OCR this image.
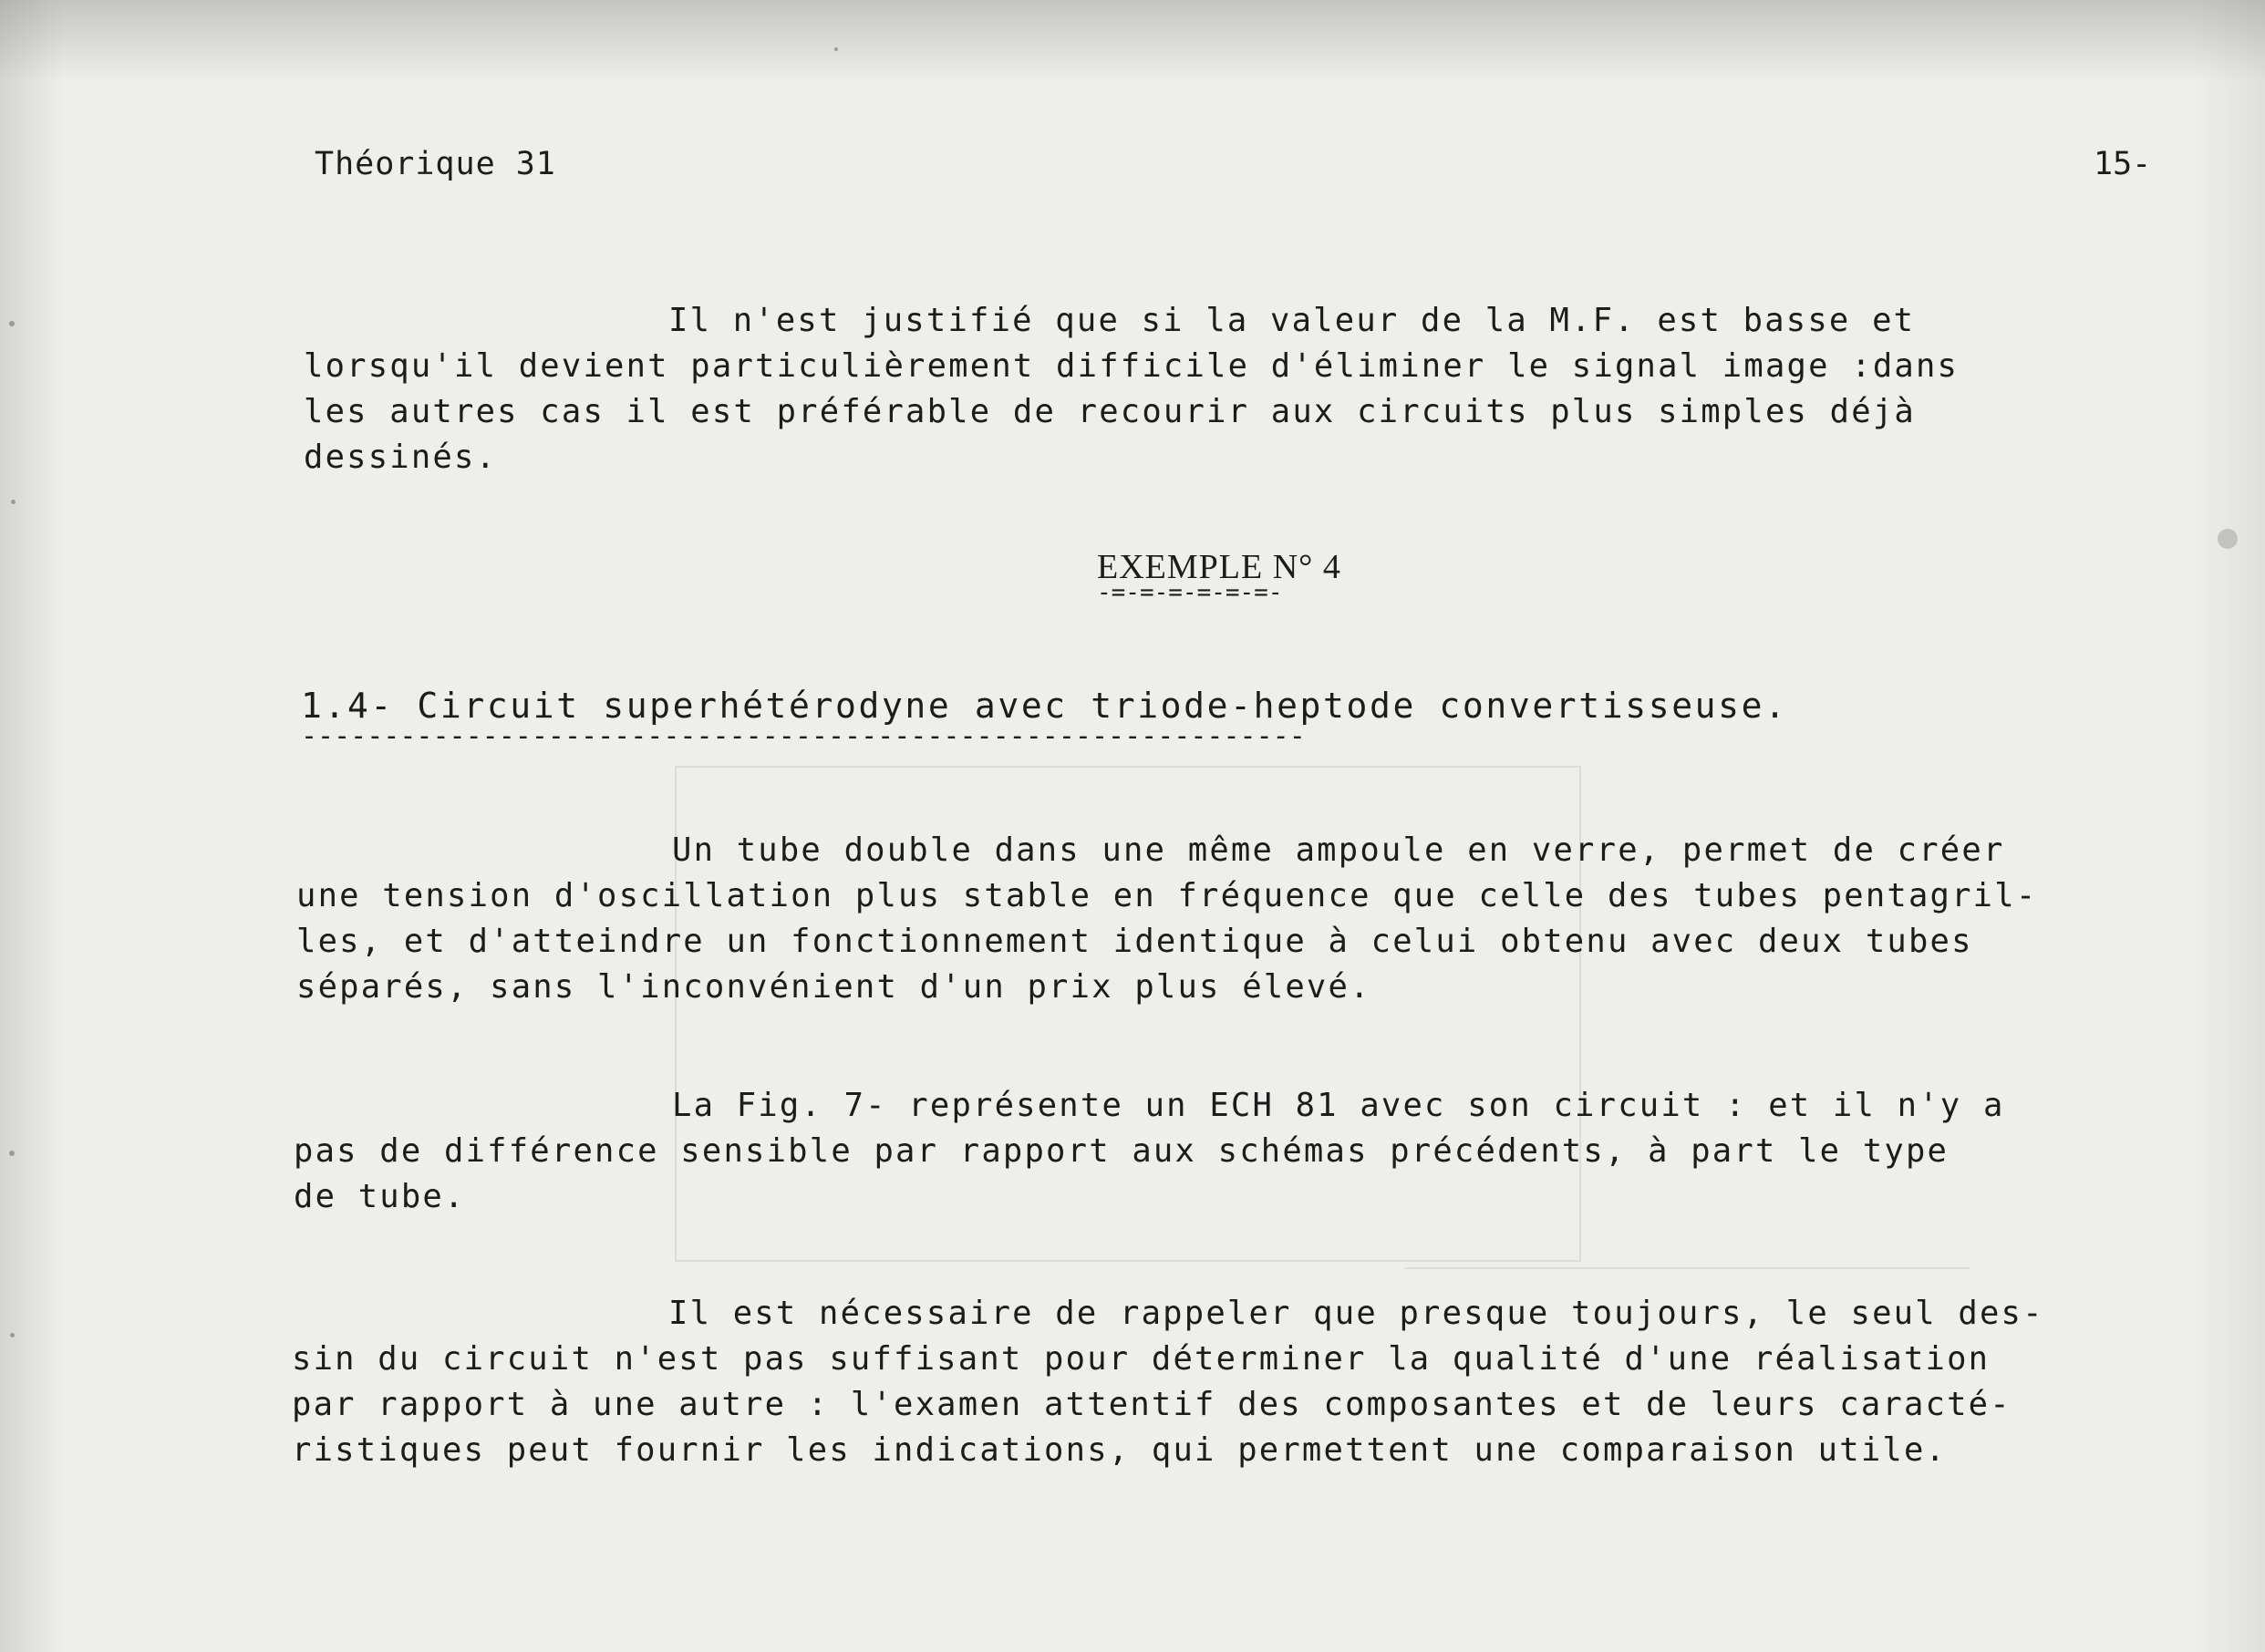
Théorique 31	15-
Il n'est justifié que si la valeur de la M.F. est basse et
lorsqu'il devient particulièrement difficile d'éliminer le signal image :dans
les autres cas il est préférable de recourir aux circuits plus simples déjà
dessinés.
EXEMPLE N° 4
-=-=-=-=-=-=-
1.4- Circuit superhétérodyne avec triode-heptode convertisseuse.
-------------------------------------------------------------
Un tube double dans une même ampoule en verre, permet de créer
une tension d'oscillation plus stable en fréquence que celle des tubes pentagril-
les, et d'atteindre un fonctionnement identique à celui obtenu avec deux tubes
séparés, sans l'inconvénient d'un prix plus élevé.
La Fig. 7- représente un ECH 81 avec son circuit : et il n'y a
pas de différence sensible par rapport aux schémas précédents, à part le type
de tube.
Il est nécessaire de rappeler que presque toujours, le seul des-
sin du circuit n'est pas suffisant pour déterminer la qualité d'une réalisation
par rapport à une autre : l'examen attentif des composantes et de leurs caracté-
ristiques peut fournir les indications, qui permettent une comparaison utile.
